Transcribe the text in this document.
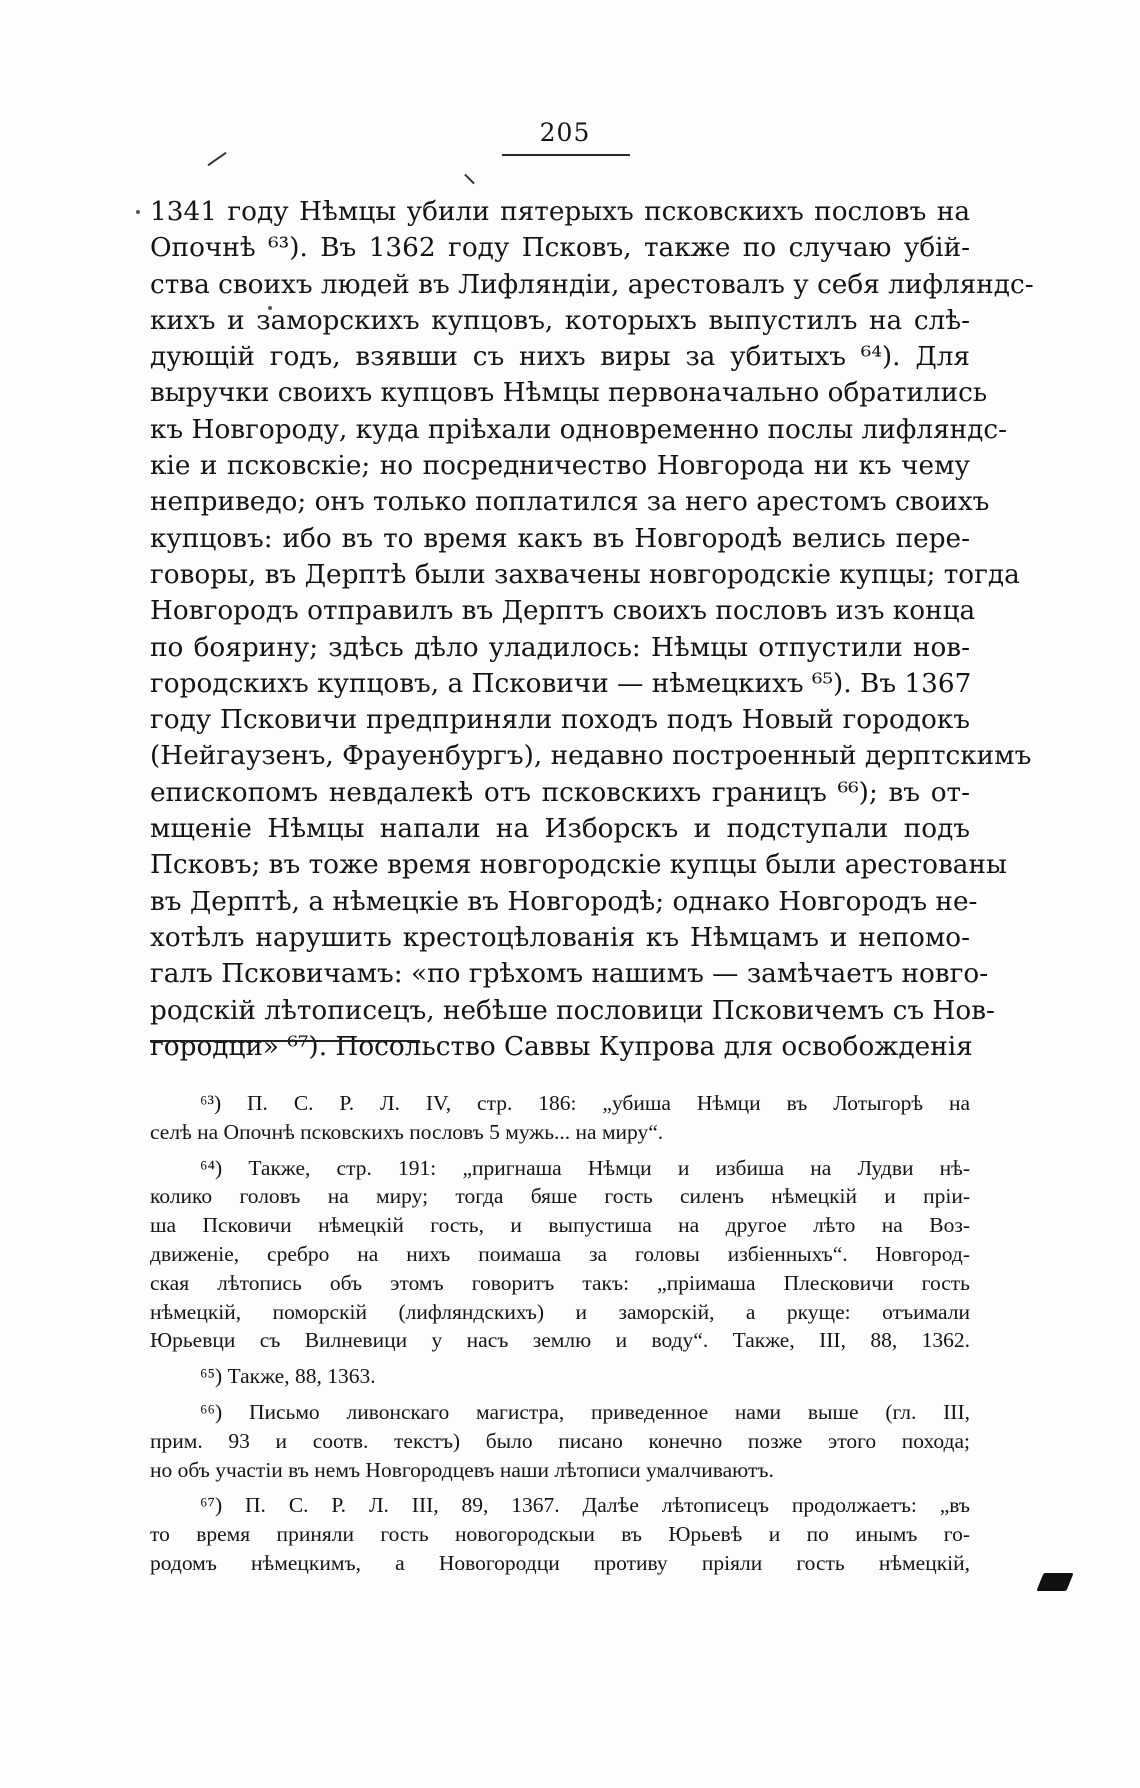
205
1341 году Нѣмцы убили пятерыхъ псковскихъ пословъ на
Опочнѣ ⁶³). Въ 1362 году Псковъ, также по случаю убій-
ства своихъ людей въ Лифляндіи, арестовалъ у себя лифляндс-
кихъ и заморскихъ купцовъ, которыхъ выпустилъ на слѣ-
дующій годъ, взявши съ нихъ виры за убитыхъ ⁶⁴). Для
выручки своихъ купцовъ Нѣмцы первоначально обратились
къ Новгороду, куда пріѣхали одновременно послы лифляндс-
кіе и псковскіе; но посредничество Новгорода ни къ чему
неприведо; онъ только поплатился за него арестомъ своихъ
купцовъ: ибо въ то время какъ въ Новгородѣ велись пере-
говоры, въ Дерптѣ были захвачены новгородскіе купцы; тогда
Новгородъ отправилъ въ Дерптъ своихъ пословъ изъ конца
по боярину; здѣсь дѣло уладилось: Нѣмцы отпустили нов-
городскихъ купцовъ, а Псковичи — нѣмецкихъ ⁶⁵). Въ 1367
году Псковичи предприняли походъ подъ Новый городокъ
(Нейгаузенъ, Фрауенбургъ), недавно построенный дерптскимъ
епископомъ невдалекѣ отъ псковскихъ границъ ⁶⁶); въ от-
мщеніе Нѣмцы напали на Изборскъ и подступали подъ
Псковъ; въ тоже время новгородскіе купцы были арестованы
въ Дерптѣ, а нѣмецкіе въ Новгородѣ; однако Новгородъ не-
хотѣлъ нарушить крестоцѣлованія къ Нѣмцамъ и непомо-
галъ Псковичамъ: «по грѣхомъ нашимъ — замѣчаетъ новго-
родскій лѣтописецъ, небѣше пословици Псковичемъ съ Нов-
городци» ⁶⁷). Посольство Саввы Купрова для освобожденія
⁶³) П. С. Р. Л. IV, стр. 186: „убиша Нѣмци въ Лотыгорѣ на
селѣ на Опочнѣ псковскихъ пословъ 5 мужь... на миру“.
⁶⁴) Также, стр. 191: „пригнаша Нѣмци и избиша на Лудви нѣ-
колико головъ на миру; тогда бяше гость силенъ нѣмецкій и пріи-
ша Псковичи нѣмецкій гость, и выпустиша на другое лѣто на Воз-
движеніе, сребро на нихъ поимаша за головы избіенныхъ“. Новгород-
ская лѣтопись объ этомъ говоритъ такъ: „пріимаша Плесковичи гость
нѣмецкій, поморскій (лифляндскихъ) и заморскій, а ркуще: отъимали
Юрьевци съ Вилневици у насъ землю и воду“. Также, III, 88, 1362.
⁶⁵) Также, 88, 1363.
⁶⁶) Письмо ливонскаго магистра, приведенное нами выше (гл. III,
прим. 93 и соотв. текстъ) было писано конечно позже этого похода;
но объ участіи въ немъ Новгородцевъ наши лѣтописи умалчиваютъ.
⁶⁷) П. С. Р. Л. III, 89, 1367. Далѣе лѣтописецъ продолжаетъ: „въ
то время приняли гость новогородскыи въ Юрьевѣ и по инымъ го-
родомъ нѣмецкимъ, а Новогородци противу пріяли гость нѣмецкій,
